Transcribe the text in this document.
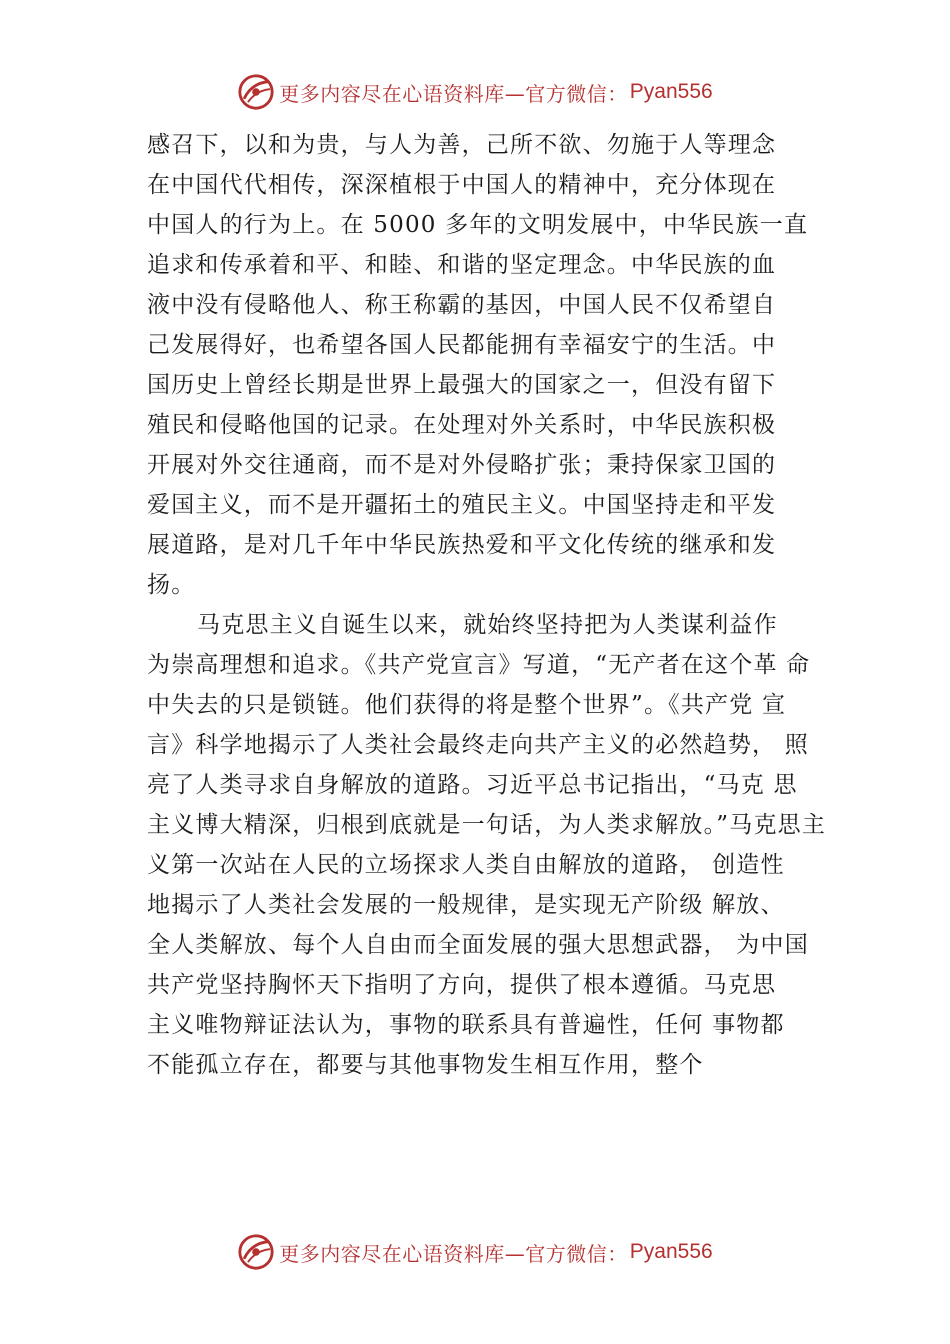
更多内容尽在心语资料库—官方微信： Pyan556
感召下，以和为贵，与人为善，己所不欲、勿施于人等理念
在中国代代相传，深深植根于中国人的精神中，充分体现在
中国人的行为上。在 5000 多年的文明发展中，中华民族一直
追求和传承着和平、和睦、和谐的坚定理念。中华民族的血
液中没有侵略他人、称王称霸的基因，中国人民不仅希望自
己发展得好，也希望各国人民都能拥有幸福安宁的生活。中
国历史上曾经长期是世界上最强大的国家之一，但没有留下
殖民和侵略他国的记录。在处理对外关系时，中华民族积极
开展对外交往通商，而不是对外侵略扩张；秉持保家卫国的
爱国主义，而不是开疆拓土的殖民主义。中国坚持走和平发
展道路，是对几千年中华民族热爱和平文化传统的继承和发
扬。
马克思主义自诞生以来，就始终坚持把为人类谋利益作
为崇高理想和追求。《共产党宣言》写道，“无产者在这个革 命
中失去的只是锁链。他们获得的将是整个世界”。《共产党 宣
言》科学地揭示了人类社会最终走向共产主义的必然趋势， 照
亮了人类寻求自身解放的道路。习近平总书记指出，“马克 思
主义博大精深，归根到底就是一句话，为人类求解放。”马克思主
义第一次站在人民的立场探求人类自由解放的道路， 创造性
地揭示了人类社会发展的一般规律，是实现无产阶级 解放、
全人类解放、每个人自由而全面发展的强大思想武器， 为中国
共产党坚持胸怀天下指明了方向，提供了根本遵循。马克思
主义唯物辩证法认为，事物的联系具有普遍性，任何 事物都
不能孤立存在，都要与其他事物发生相互作用，整个
更多内容尽在心语资料库—官方微信： Pyan556
